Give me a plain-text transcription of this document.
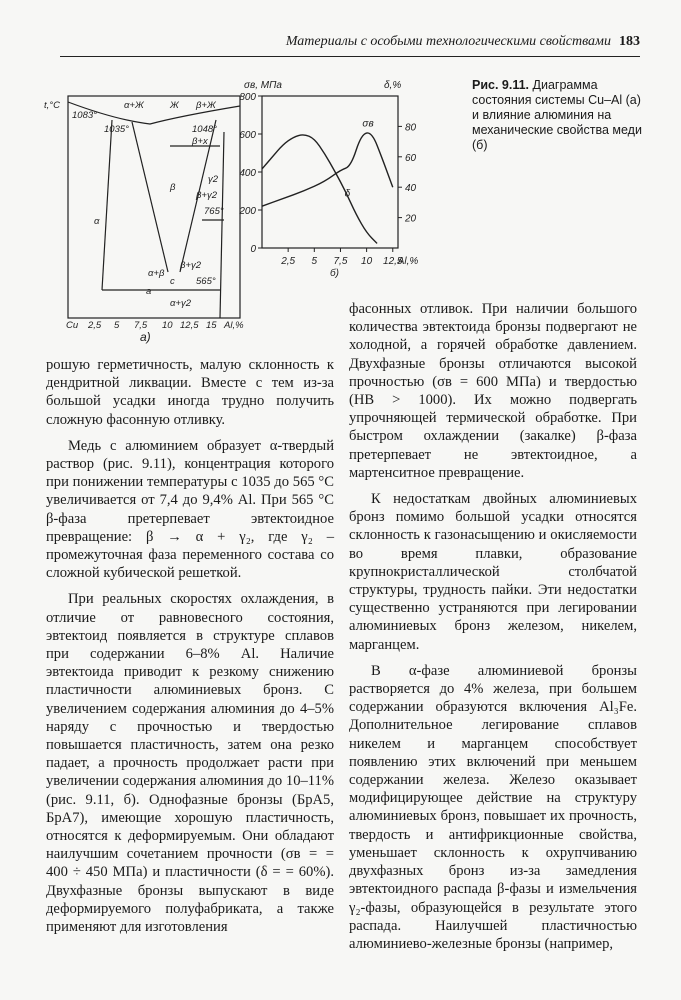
Материалы с особыми технологическими свойствами 183
t,°C	α+Ж	Ж β+Ж
1083°
1035°	1048°
β+x
α
β
β+γ2
γ2
765°
α+β
β+γ2
565°
c
a
α+γ2
Cu 2,5 5 7,5 10 12,5 15 Al,%
а)
σв, МПа	δ,%
б)
800
600
400
200
0
80
60
40
20
2,5 5 7,5 10 12,5
Al,%
σв
δ
Рис. 9.11. Диаграмма состояния системы Cu–Al (а) и влияние алюминия на механические свойства меди (б)

рошую герметичность, малую склонность к дендритной ликвации. Вместе с тем из-за большой усадки иногда трудно получить сложную фасонную отливку.

Медь с алюминием образует α-твердый раствор (рис. 9.11), концентрация которого при понижении температуры с 1035 до 565 °C увеличивается от 7,4 до 9,4% Al. При 565 °C β-фаза претерпевает эвтектоидное превращение: β → α + γ₂, где γ₂ – промежуточная фаза переменного состава со сложной кубической решеткой.

При реальных скоростях охлаждения, в отличие от равновесного состояния, эвтектоид появляется в структуре сплавов при содержании 6–8% Al. Наличие эвтектоида приводит к резкому снижению пластичности алюминиевых бронз. С увеличением содержания алюминия до 4–5% наряду с прочностью и твердостью повышается пластичность, затем она резко падает, а прочность продолжает расти при увеличении содержания алюминия до 10–11% (рис. 9.11, б). Однофазные бронзы (БрА5, БрА7), имеющие хорошую пластичность, относятся к деформируемым. Они обладают наилучшим сочетанием прочности (σв = = 400 ÷ 450 МПа) и пластичности (δ = = 60%). Двухфазные бронзы выпускают в виде деформируемого полуфабриката, а также применяют для изготовления

фасонных отливок. При наличии большого количества эвтектоида бронзы подвергают не холодной, а горячей обработке давлением. Двухфазные бронзы отличаются высокой прочностью (σв = 600 МПа) и твердостью (HB > 1000). Их можно подвергать упрочняющей термической обработке. При быстром охлаждении (закалке) β-фаза претерпевает не эвтектоидное, а мартенситное превращение.

К недостаткам двойных алюминиевых бронз помимо большой усадки относятся склонность к газонасыщению и окисляемости во время плавки, образование крупнокристаллической столбчатой структуры, трудность пайки. Эти недостатки существенно устраняются при легировании алюминиевых бронз железом, никелем, марганцем.

В α-фазе алюминиевой бронзы растворяется до 4% железа, при большем содержании образуются включения Al₃Fe. Дополнительное легирование сплавов никелем и марганцем способствует появлению этих включений при меньшем содержании железа. Железо оказывает модифицирующее действие на структуру алюминиевых бронз, повышает их прочность, твердость и антифрикционные свойства, уменьшает склонность к охрупчиванию двухфазных бронз из-за замедления эвтектоидного распада β-фазы и измельчения γ₂-фазы, образующейся в результате этого распада. Наилучшей пластичностью алюминиево-железные бронзы (например,
